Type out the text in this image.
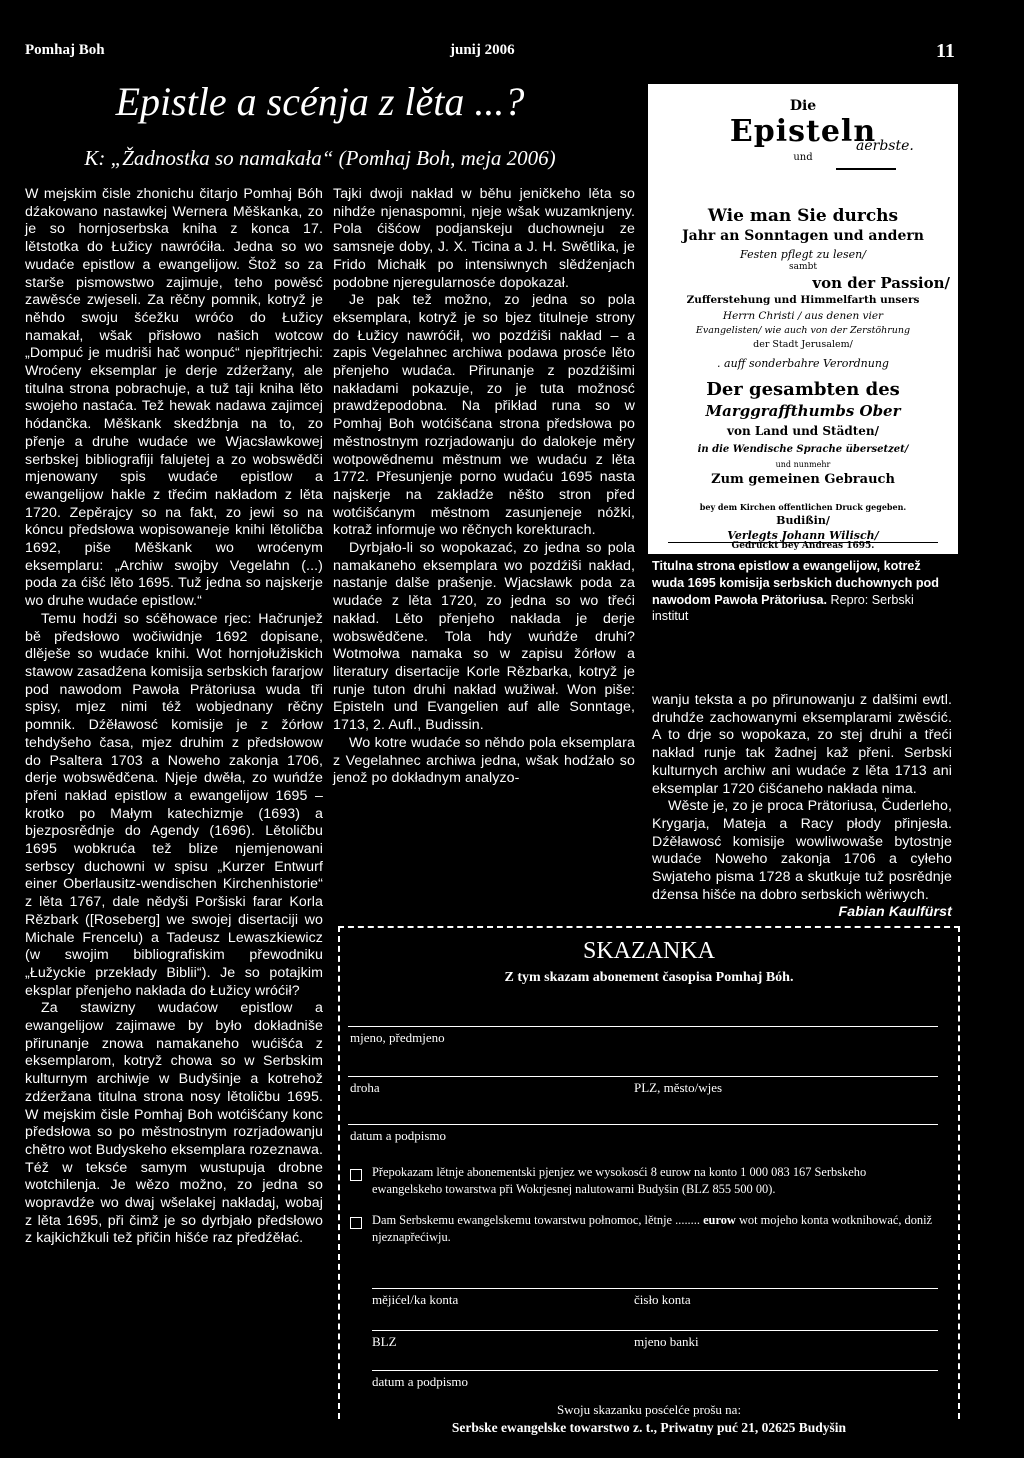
Pomhaj Boh	junij 2006	11
Epistle a scénja z lěta ...?
K: „Žadnostka so namakała“ (Pomhaj Boh, meja 2006)

W mejskim čisle zhonichu čitarjo Pomhaj Bóh dźakowano nastawkej Wernera Měškanka, zo je so hornjoserbska kniha z konca 17. lětstotka do Łužicy nawróćiła. Jedna so wo wudaće epistlow a ewangelijow. Štož so za starše pismowstwo zajimuje, teho powěsć zawěsće zwjeseli. Za rěčny pomnik, kotryž je něhdo swoju šćežku wróćo do Łužicy namakał, wšak přisłowo našich wotcow „Dompuć je mudriši hač wonpuć“ njepřitrjechi: Wroćeny eksemplar je derje zdźeržany, ale titulna strona pobrachuje, a tuž taji kniha lěto swojeho nastaća. Tež hewak nadawa zajimcej hódančka. Měškank skedźbnja na to, zo přenje a druhe wudaće we Wjacsławkowej serbskej bibliografiji falujetej a zo wobswědči mjenowany spis wudaće epistlow a ewangelijow hakle z třećim nakładom z lěta 1720. Zepěrajcy so na fakt, zo jewi so na kóncu předsłowa wopisowaneje knihi lětoličba 1692, piše Měškank wo wroćenym eksemplaru: „Archiw swojby Vegelahn (...) poda za ćišć lěto 1695. Tuž jedna so najskerje wo druhe wudaće epistlow.“

Temu hodźi so sćěhowace rjec: Hačrunjež bě předsłowo wočiwidnje 1692 dopisane, dlěješe so wudaće knihi. Wot hornjołužiskich stawow zasadźena komisija serbskich fararjow pod nawodom Pawoła Prätoriusa wuda tři spisy, mjez nimi též wobjednany rěčny pomnik. Dźěławosć komisije je z žórłow tehdyšeho časa, mjez druhim z předsłowow do Psaltera 1703 a Noweho zakonja 1706, derje wobswědčena. Njeje dwěła, zo wuńdźe přeni nakład epistlow a ewangelijow 1695 – krotko po Małym katechizmje (1693) a bjezposrědnje do Agendy (1696). Lětoličbu 1695 wobkruća tež blize njemjenowani serbscy duchowni w spisu „Kurzer Entwurf einer Oberlausitz-wendischen Kirchenhistorie“ z lěta 1767, dale nědyši Poršiski farar Korla Rězbark ([Roseberg] we swojej disertaciji wo Michale Frencelu) a Tadeusz Lewaszkiewicz (w swojim bibliografiskim přewodniku „Łužyckie przekłady Biblii“). Je so potajkim eksplar přenjeho nakłada do Łužicy wróćił?

Za stawizny wudaćow epistlow a ewangelijow zajimawe by było dokładniše přirunanje znowa namakaneho wućišća z eksemplarom, kotryž chowa so w Serbskim kulturnym archiwje w Budyšinje a kotrehož zdźeržana titulna strona nosy lětoličbu 1695. W mejskim čisle Pomhaj Boh wotćišćany konc předsłowa so po městnostnym rozrjadowanju chětro wot Budyskeho eksemplara rozeznawa. Též w teksće samym wustupuja drobne wotchilenja. Je wězo možno, zo jedna so wopravdźe wo dwaj wšelakej nakładaj, wobaj z lěta 1695, při čimž je so dyrbjało předsłowo z kajkichžkuli tež přičin hišće raz předźěłać.

Tajki dwoji nakład w běhu jeničkeho lěta so nihdźe njenaspomni, njeje wšak wuzamknjeny. Pola ćišćow podjanskeju duchowneju ze samsneje doby, J. X. Ticina a J. H. Swětlika, je Frido Michałk po intensiwnych slědźenjach podobne njeregularnosće dopokazał.

Je pak tež možno, zo jedna so pola eksemplara, kotryž je so bjez titulneje strony do Łužicy nawróćił, wo pozdźiši nakład – a zapis Vegelahnec archiwa podawa prosće lěto přenjeho wudaća. Přirunanje z pozdźišimi nakładami pokazuje, zo je tuta možnosć prawdźepodobna. Na přikład runa so w Pomhaj Boh wotćišćana strona předsłowa po městnostnym rozrjadowanju do dalokeje měry wotpowědnemu městnum we wudaću z lěta 1772. Přesunjenje porno wudaću 1695 nasta najskerje na zakładźe něšto stron před wotćišćanym městnom zasunjeneje nóžki, kotraž informuje wo rěčnych korekturach.

Dyrbjało-li so wopokazać, zo jedna so pola namakaneho eksemplara wo pozdźiši nakład, nastanje dalše prašenje. Wjacsławk poda za wudaće z lěta 1720, zo jedna so wo třeći nakład. Lěto přenjeho nakłada je derje wobswědčene. Tola hdy wuńdźe druhi? Wotmołwa namaka so w zapisu žórłow a literatury disertacije Korle Rězbarka, kotryž je runje tuton druhi nakład wužiwał. Won piše: Episteln und Evangelien auf alle Sonntage, 1713, 2. Aufl., Budissin.

Wo kotre wudaće so něhdo pola eksemplara z Vegelahnec archiwa jedna, wšak hodźało so jenož po dokładnym analyzo-

Die
Episteln
aerbste.
und
Wie man Sie durchs
Jahr an Sonntagen und andern
Festen pflegt zu lesen/
sambt
von der Passion/
Zufferstehung und Himmelfarth unsers
Herrn Christi / aus denen vier
Evangelisten/ wie auch von der Zerstöhrung
der Stadt Jerusalem/
. auff sonderbahre Verordnung
Der gesambten des
Marggraffthumbs Ober
von Land und Städten/
in die Wendische Sprache übersetzet/
und nunmehr
Zum gemeinen Gebrauch
bey dem Kirchen offentlichen Druck gegeben.
Budißin/
Verlegts Johann Wilisch/
Gedruckt bey Andreas 1695.
Titulna strona epistlow a ewangelijow, kotrež wuda 1695 komisija serbskich duchownych pod nawodom Pawoła Prätoriusa. Repro: Serbski institut

wanju teksta a po přirunowanju z dalšimi ewtl. druhdźe zachowanymi eksemplarami zwěsćić. A to drje so wopokaza, zo stej druhi a třeći nakład runje tak žadnej kaž přeni. Serbski kulturnych archiw ani wudaće z lěta 1713 ani eksemplar 1720 ćišćaneho nakłada nima.

Wěste je, zo je proca Prätoriusa, Čuderleho, Krygarja, Mateja a Racy płody přinjesła. Dźěławosć komisije wowliwowaše bytostnje wudaće Noweho zakonja 1706 a cyłeho Swjateho pisma 1728 a skutkuje tuž posrědnje dźensa hišće na dobro serbskich wěriwych.
Fabian Kaulfürst

SKAZANKA
Z tym skazam abonement časopisa Pomhaj Bóh.
mjeno, předmjeno
droha	PLZ, město/wjes
datum a podpismo
Přepokazam lětnje abonementski pjenjez we wysokosći 8 eurow na konto 1 000 083 167 Serbskeho ewangelskeho towarstwa při Wokrjesnej nalutowarni Budyšin (BLZ 855 500 00).
Dam Serbskemu ewangelskemu towarstwu połnomoc, lětnje ........ eurow wot mojeho konta wotknihować, doniž njeznapřećiwju.
mějićel/ka konta	čisło konta
BLZ	mjeno banki
datum a podpismo
Swoju skazanku posćelće prošu na:
Serbske ewangelske towarstwo z. t., Priwatny puć 21, 02625 Budyšin
